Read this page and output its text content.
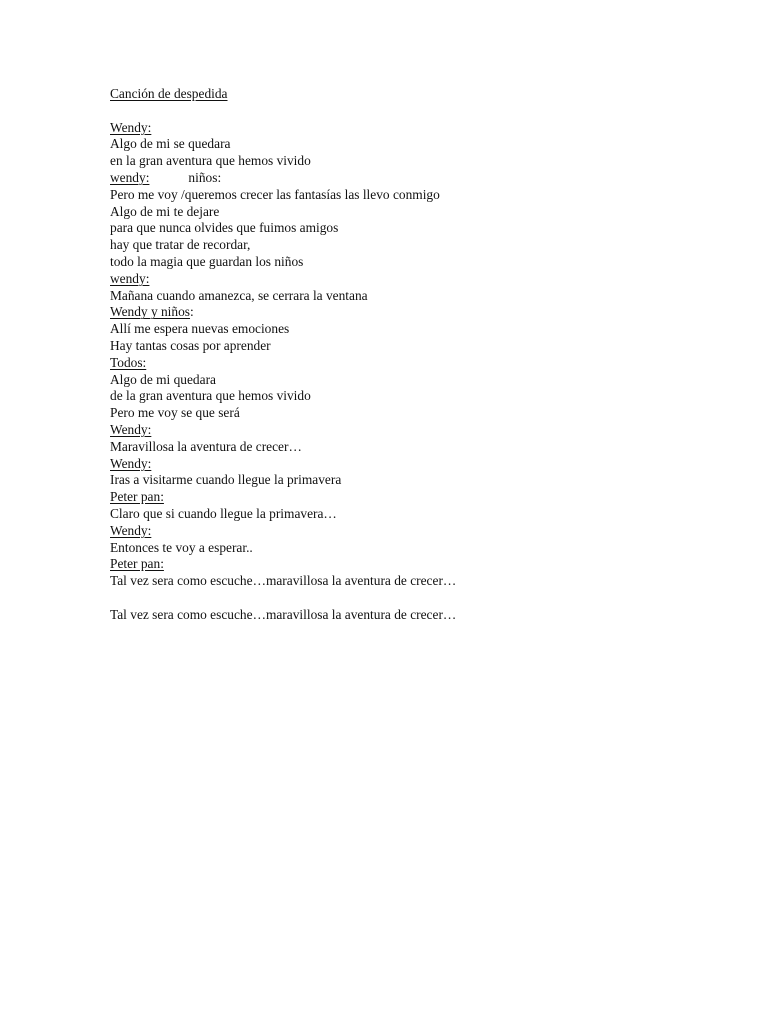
Canción de despedida
Wendy:
Algo de mi se quedara
en la gran aventura que hemos vivido
wendy:	niños:
Pero me voy /queremos crecer las fantasías las llevo conmigo
Algo de mi te dejare
para que nunca olvides que fuimos amigos
hay que tratar de recordar,
todo la magia que guardan los niños
wendy:
Mañana cuando amanezca, se cerrara la ventana
Wendy y niños:
Allí me espera nuevas emociones
Hay tantas cosas por aprender
Todos:
Algo de mi quedara
de la gran aventura que hemos vivido
Pero me voy se que será
Wendy:
Maravillosa la aventura de crecer…
Wendy:
Iras a visitarme cuando llegue la primavera
Peter pan:
Claro que si cuando llegue la primavera…
Wendy:
Entonces te voy a esperar..
Peter pan:
Tal vez sera como escuche…maravillosa la aventura de crecer…
Tal vez sera como escuche…maravillosa la aventura de crecer…
